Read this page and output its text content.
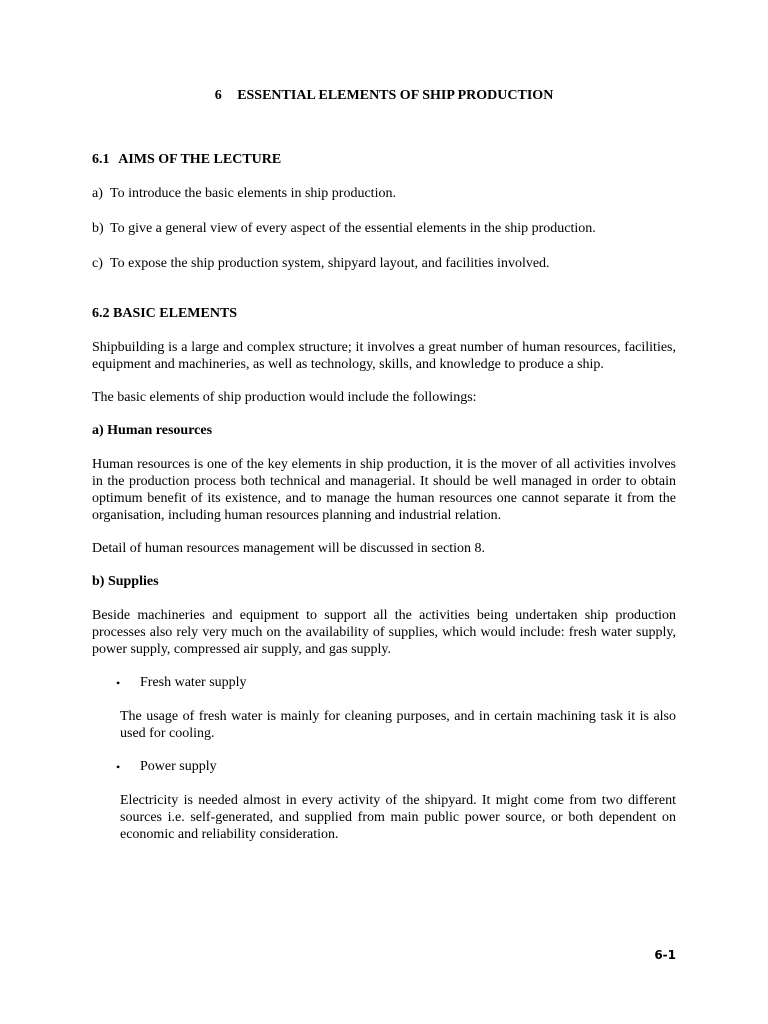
6 ESSENTIAL ELEMENTS OF SHIP PRODUCTION
6.1 AIMS OF THE LECTURE
a) To introduce the basic elements in ship production.
b) To give a general view of every aspect of the essential elements in the ship production.
c) To expose the ship production system, shipyard layout, and facilities involved.
6.2 BASIC ELEMENTS

Shipbuilding is a large and complex structure; it involves a great number of human resources, facilities, equipment and machineries, as well as technology, skills, and knowledge to produce a ship.

The basic elements of ship production would include the followings:

a) Human resources

Human resources is one of the key elements in ship production, it is the mover of all activities involves in the production process both technical and managerial. It should be well managed in order to obtain optimum benefit of its existence, and to manage the human resources one cannot separate it from the organisation, including human resources planning and industrial relation.

Detail of human resources management will be discussed in section 8.

b) Supplies

Beside machineries and equipment to support all the activities being undertaken ship production processes also rely very much on the availability of supplies, which would include: fresh water supply, power supply, compressed air supply, and gas supply.

•	Fresh water supply

The usage of fresh water is mainly for cleaning purposes, and in certain machining task it is also used for cooling.

•	Power supply

Electricity is needed almost in every activity of the shipyard. It might come from two different sources i.e. self-generated, and supplied from main public power source, or both dependent on economic and reliability consideration.

6-1
